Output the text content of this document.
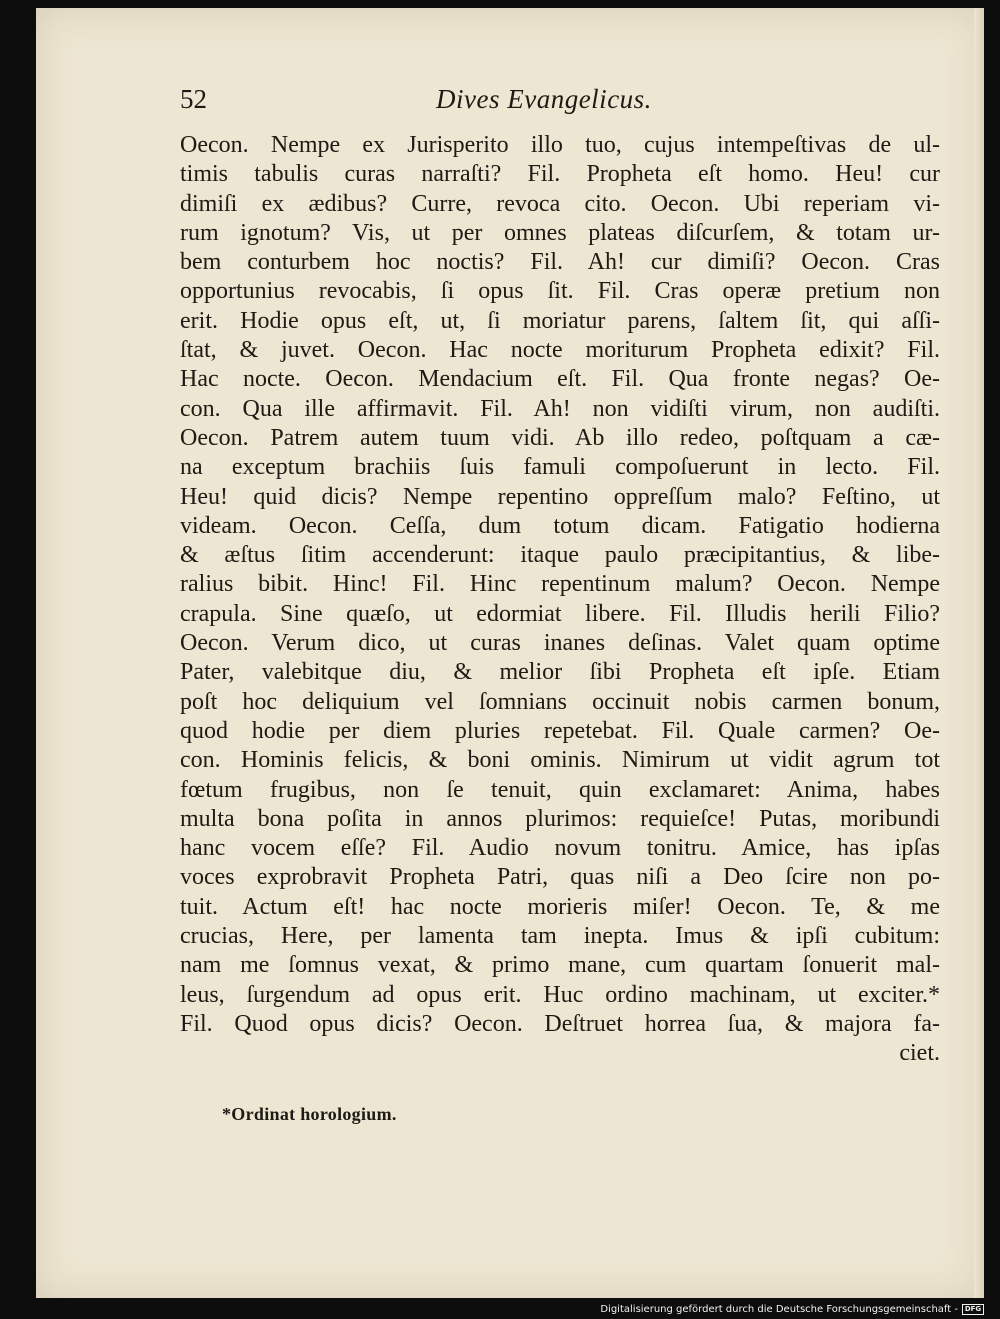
52	Dives Evangelicus.
Oecon. Nempe ex Jurisperito illo tuo, cujus intempeſtivas de ul-
timis tabulis curas narraſti? Fil. Propheta eſt homo. Heu! cur
dimiſi ex ædibus? Curre, revoca cito. Oecon. Ubi reperiam vi-
rum ignotum? Vis, ut per omnes plateas diſcurſem, & totam ur-
bem conturbem hoc noctis? Fil. Ah! cur dimiſi? Oecon. Cras
opportunius revocabis, ſi opus ſit. Fil. Cras operæ pretium non
erit. Hodie opus eſt, ut, ſi moriatur parens, ſaltem ſit, qui aſſi-
ſtat, & juvet. Oecon. Hac nocte moriturum Propheta edixit? Fil.
Hac nocte. Oecon. Mendacium eſt. Fil. Qua fronte negas? Oe-
con. Qua ille affirmavit. Fil. Ah! non vidiſti virum, non audiſti.
Oecon. Patrem autem tuum vidi. Ab illo redeo, poſtquam a cæ-
na exceptum brachiis ſuis famuli compoſuerunt in lecto. Fil.
Heu! quid dicis? Nempe repentino oppreſſum malo? Feſtino, ut
videam. Oecon. Ceſſa, dum totum dicam. Fatigatio hodierna
& æſtus ſitim accenderunt: itaque paulo præcipitantius, & libe-
ralius bibit. Hinc! Fil. Hinc repentinum malum? Oecon. Nempe
crapula. Sine quæſo, ut edormiat libere. Fil. Illudis herili Filio?
Oecon. Verum dico, ut curas inanes deſinas. Valet quam optime
Pater, valebitque diu, & melior ſibi Propheta eſt ipſe. Etiam
poſt hoc deliquium vel ſomnians occinuit nobis carmen bonum,
quod hodie per diem pluries repetebat. Fil. Quale carmen? Oe-
con. Hominis felicis, & boni ominis. Nimirum ut vidit agrum tot
fœtum frugibus, non ſe tenuit, quin exclamaret: Anima, habes
multa bona poſita in annos plurimos: requieſce! Putas, moribundi
hanc vocem eſſe? Fil. Audio novum tonitru. Amice, has ipſas
voces exprobravit Propheta Patri, quas niſi a Deo ſcire non po-
tuit. Actum eſt! hac nocte morieris miſer! Oecon. Te, & me
crucias, Here, per lamenta tam inepta. Imus & ipſi cubitum:
nam me ſomnus vexat, & primo mane, cum quartam ſonuerit mal-
leus, ſurgendum ad opus erit. Huc ordino machinam, ut exciter.*
Fil. Quod opus dicis? Oecon. Deſtruet horrea ſua, & majora fa-
ciet.
*Ordinat horologium.
Digitalisierung gefördert durch die Deutsche Forschungsgemeinschaft - DFG
